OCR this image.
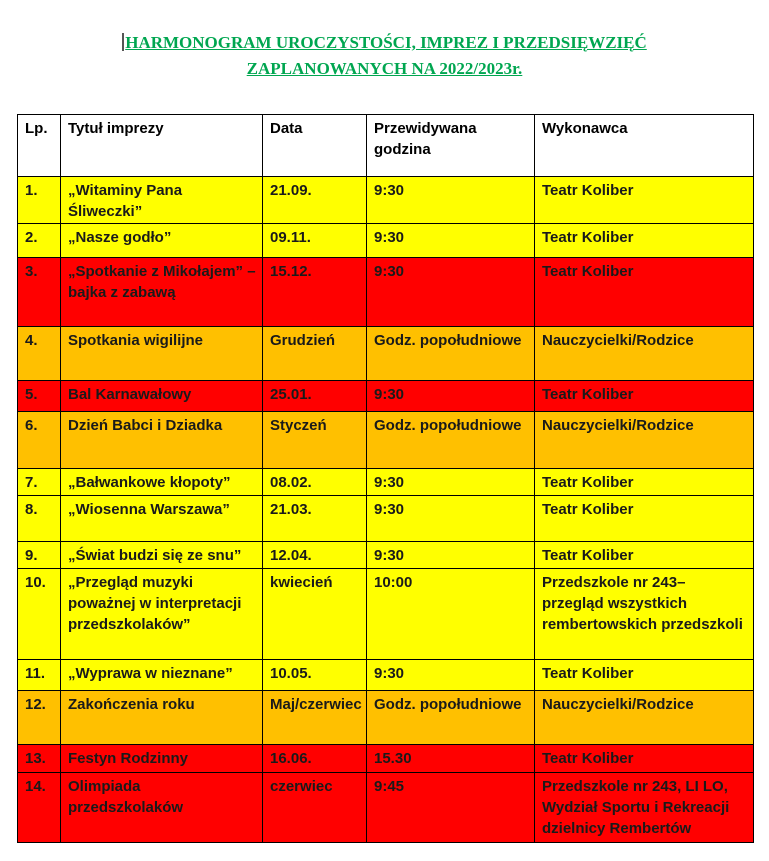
HARMONOGRAM UROCZYSTOŚCI, IMPREZ I PRZEDSIĘWZIĘĆ
ZAPLANOWANYCH NA 2022/2023r.
Lp.	Tytuł imprezy	Data	Przewidywana godzina	Wykonawca
1.	„Witaminy Pana Śliweczki”	21.09.	9:30	Teatr Koliber
2.	„Nasze godło”	09.11.	9:30	Teatr Koliber
3.	„Spotkanie z Mikołajem” – bajka z zabawą	15.12.	9:30	Teatr Koliber
4.	Spotkania wigilijne	Grudzień	Godz. popołudniowe	Nauczycielki/Rodzice
5.	Bal Karnawałowy	25.01.	9:30	Teatr Koliber
6.	Dzień Babci i Dziadka	Styczeń	Godz. popołudniowe	Nauczycielki/Rodzice
7.	„Bałwankowe kłopoty”	08.02.	9:30	Teatr Koliber
8.	„Wiosenna Warszawa”	21.03.	9:30	Teatr Koliber
9.	„Świat budzi się ze snu”	12.04.	9:30	Teatr Koliber
10.	„Przegląd muzyki poważnej w interpretacji przedszkolaków”	kwiecień	10:00	Przedszkole nr 243– przegląd wszystkich rembertowskich przedszkoli
11.	„Wyprawa w nieznane”	10.05.	9:30	Teatr Koliber
12.	Zakończenia roku	Maj/czerwiec	Godz. popołudniowe	Nauczycielki/Rodzice
13.	Festyn Rodzinny	16.06.	15.30	Teatr Koliber
14.	Olimpiada przedszkolaków	czerwiec	9:45	Przedszkole nr 243, LI LO, Wydział Sportu i Rekreacji dzielnicy Rembertów
